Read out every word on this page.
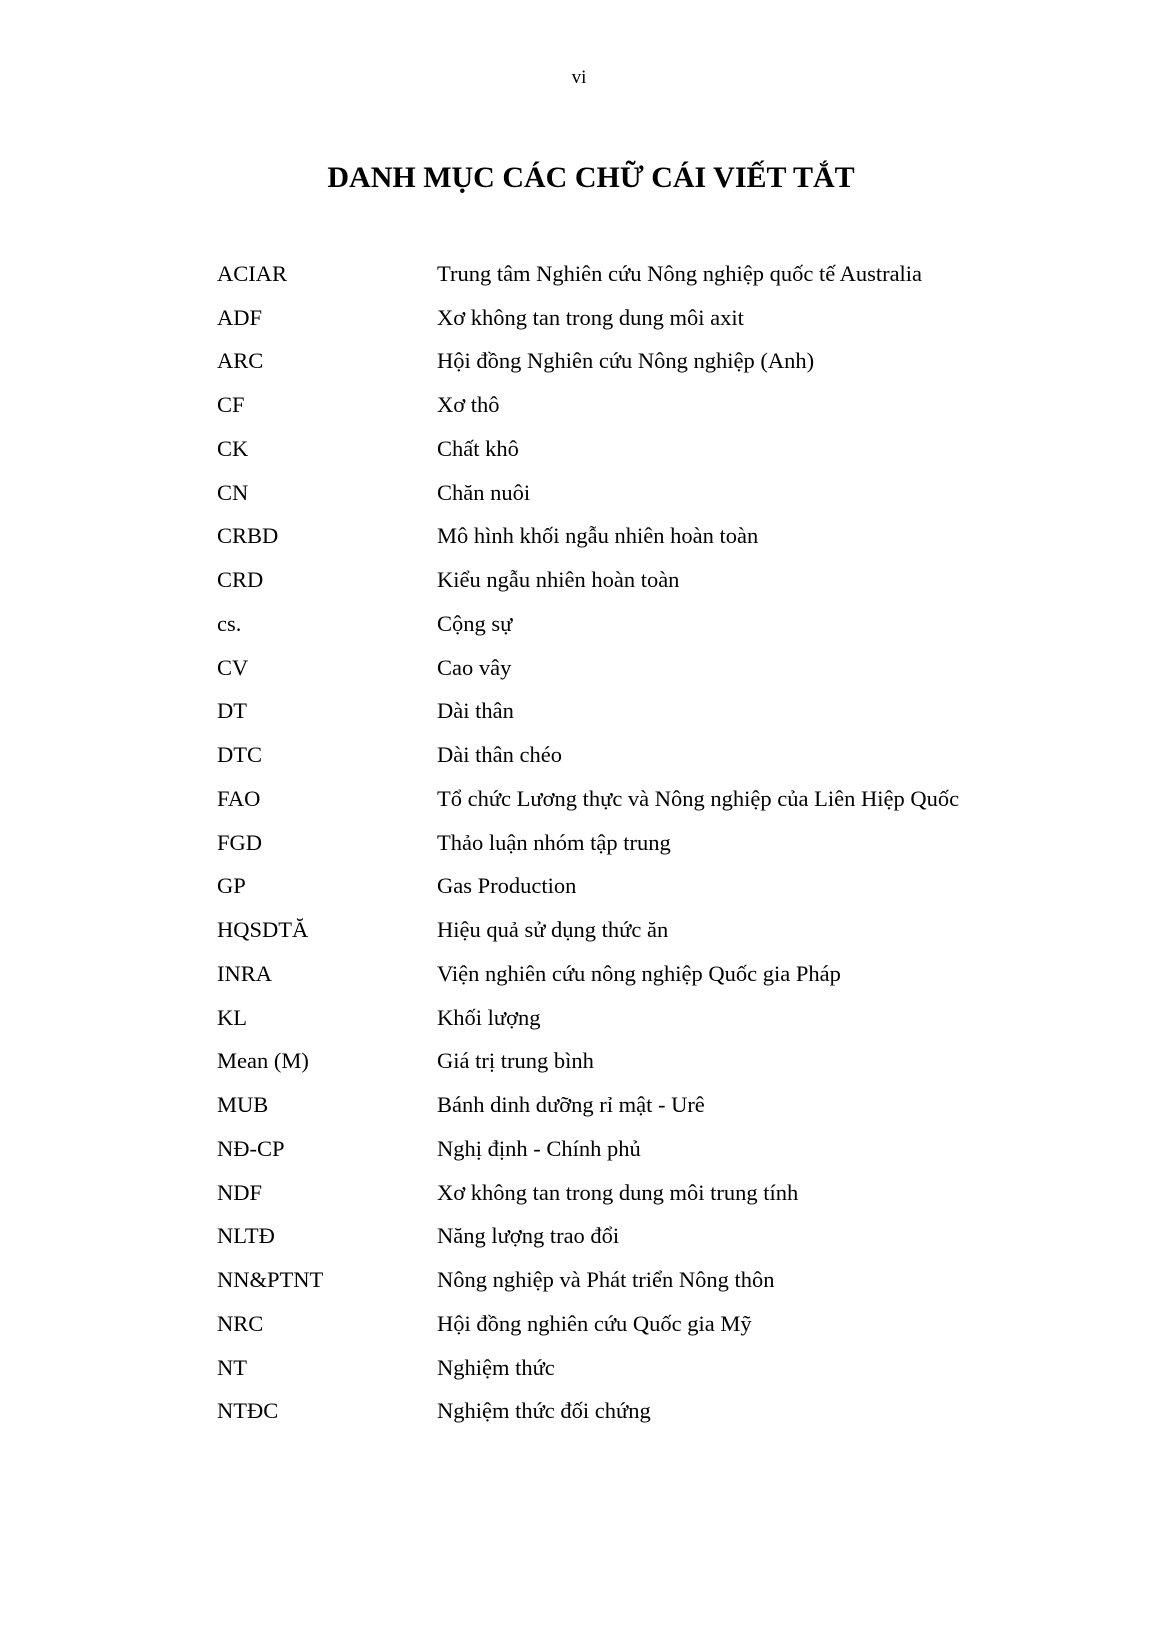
vi
DANH MỤC CÁC CHỮ CÁI VIẾT TẮT
ACIAR	Trung tâm Nghiên cứu Nông nghiệp quốc tế Australia
ADF	Xơ không tan trong dung môi axit
ARC	Hội đồng Nghiên cứu Nông nghiệp (Anh)
CF	Xơ thô
CK	Chất khô
CN	Chăn nuôi
CRBD	Mô hình khối ngẫu nhiên hoàn toàn
CRD	Kiểu ngẫu nhiên hoàn toàn
cs.	Cộng sự
CV	Cao vây
DT	Dài thân
DTC	Dài thân chéo
FAO	Tổ chức Lương thực và Nông nghiệp của Liên Hiệp Quốc
FGD	Thảo luận nhóm tập trung
GP	Gas Production
HQSDTĂ	Hiệu quả sử dụng thức ăn
INRA	Viện nghiên cứu nông nghiệp Quốc gia Pháp
KL	Khối lượng
Mean (M)	Giá trị trung bình
MUB	Bánh dinh dưỡng rỉ mật - Urê
NĐ-CP	Nghị định - Chính phủ
NDF	Xơ không tan trong dung môi trung tính
NLTĐ	Năng lượng trao đổi
NN&PTNT	Nông nghiệp và Phát triển Nông thôn
NRC	Hội đồng nghiên cứu Quốc gia Mỹ
NT	Nghiệm thức
NTĐC	Nghiệm thức đối chứng
